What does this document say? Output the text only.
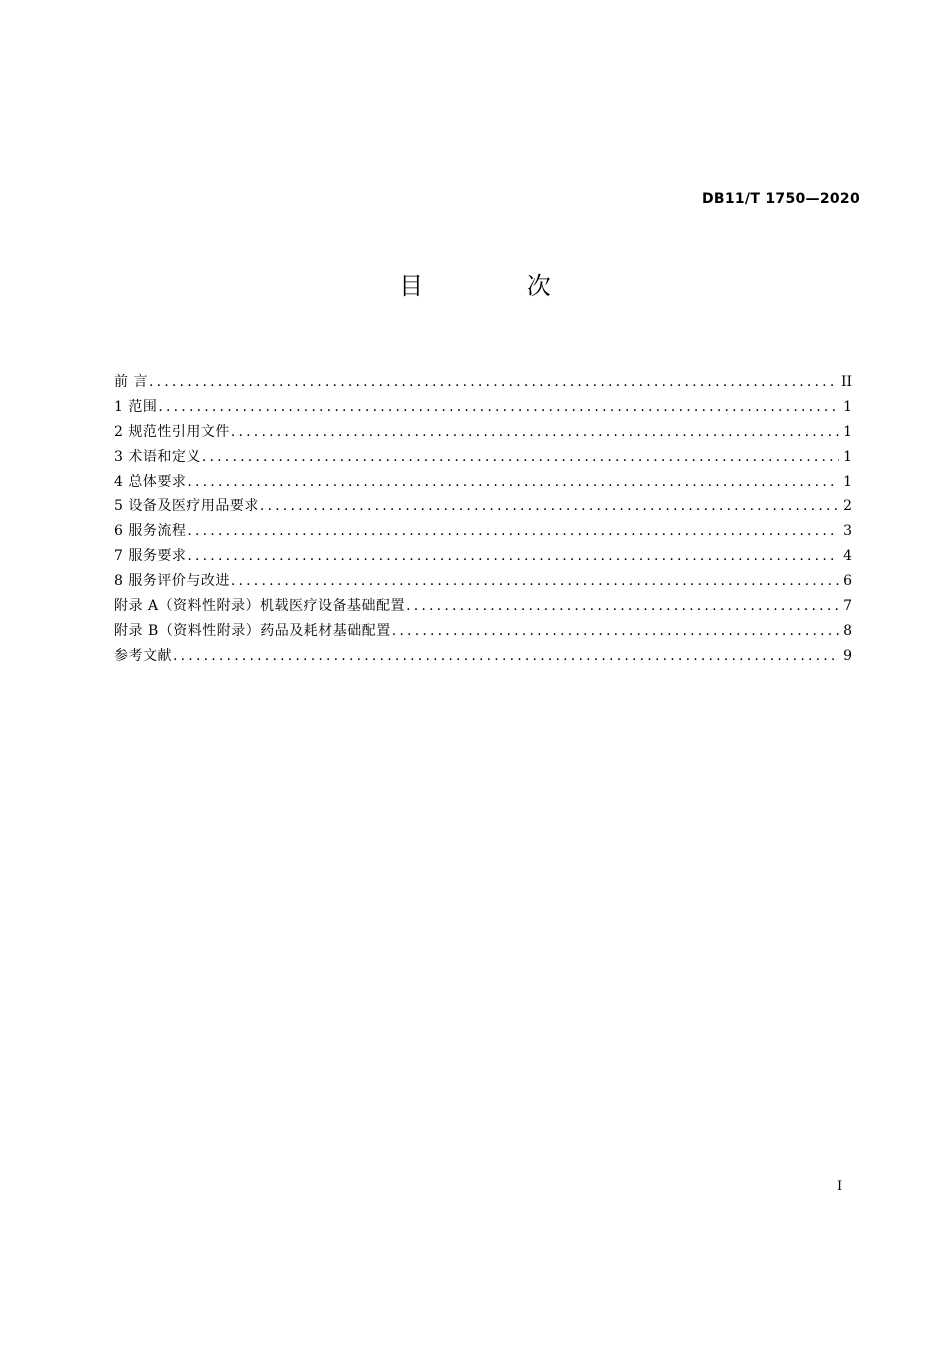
DB11/T 1750—2020
目 次
前 言 .....	II
1 范围 .....	1
2 规范性引用文件 .....	1
3 术语和定义 .....	1
4 总体要求 .....	1
5 设备及医疗用品要求 .....	2
6 服务流程 .....	3
7 服务要求 .....	4
8 服务评价与改进 .....	6
附录 A（资料性附录）机载医疗设备基础配置 .....	7
附录 B（资料性附录）药品及耗材基础配置 .....	8
参考文献 .....	9
I
